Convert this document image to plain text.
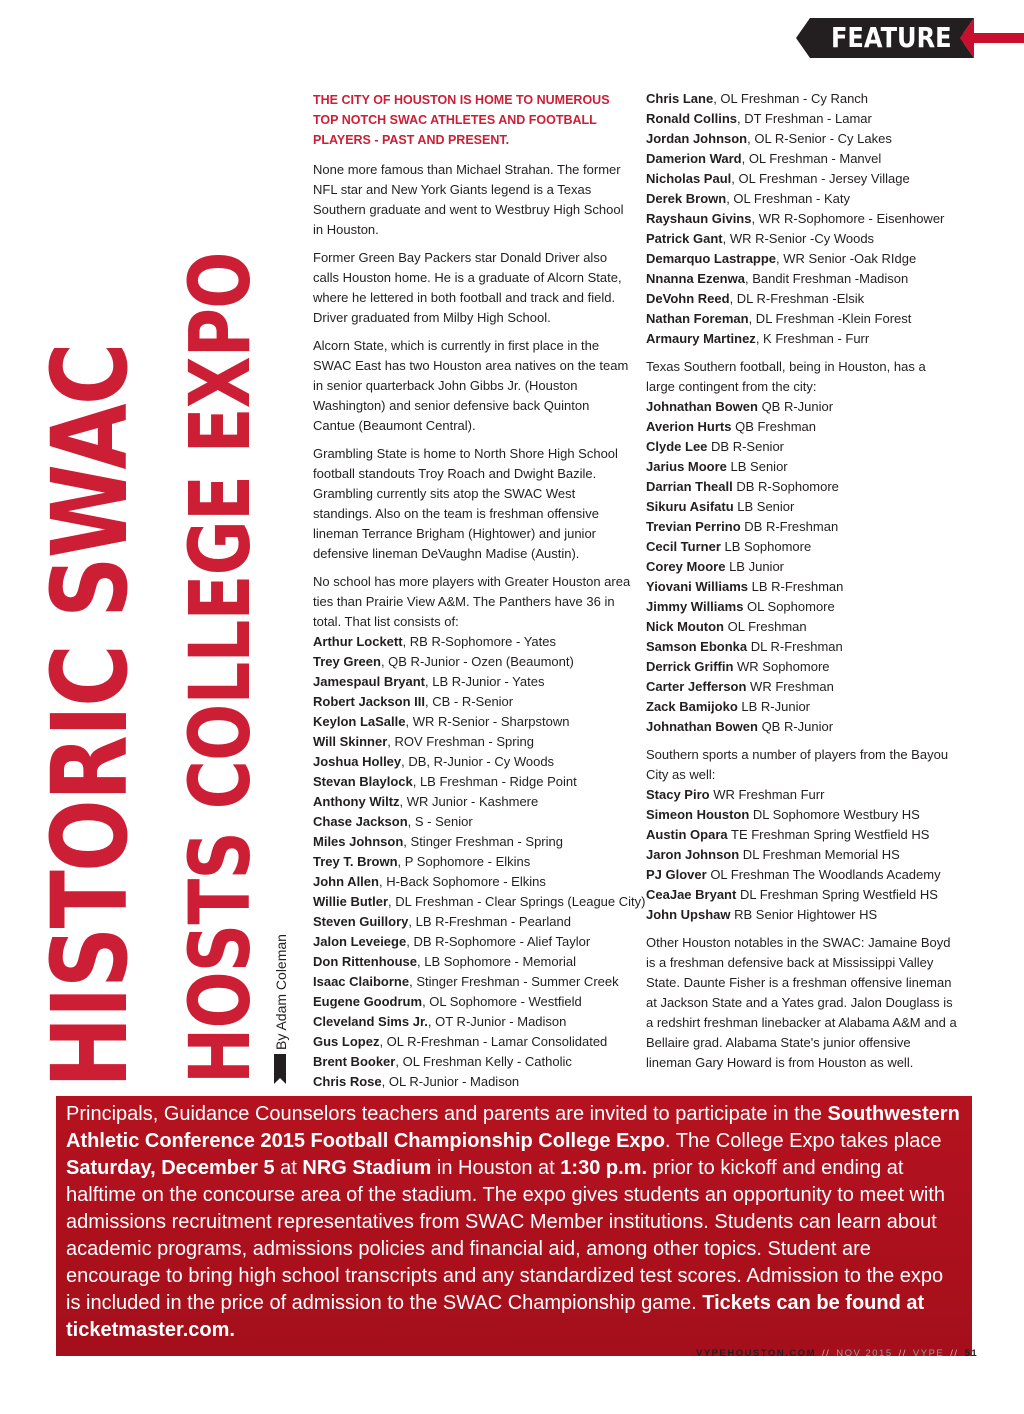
FEATURE
HISTORIC SWAC HOSTS COLLEGE EXPO By Adam Coleman

THE CITY OF HOUSTON IS HOME TO NUMEROUS TOP NOTCH SWAC ATHLETES AND FOOTBALL PLAYERS - PAST AND PRESENT.

None more famous than Michael Strahan. The former NFL star and New York Giants legend is a Texas Southern graduate and went to Westbruy High School in Houston.

Former Green Bay Packers star Donald Driver also calls Houston home. He is a graduate of Alcorn State, where he lettered in both football and track and field. Driver graduated from Milby High School.

Alcorn State, which is currently in first place in the SWAC East has two Houston area natives on the team in senior quarterback John Gibbs Jr. (Houston Washington) and senior defensive back Quinton Cantue (Beaumont Central).

Grambling State is home to North Shore High School football standouts Troy Roach and Dwight Bazile. Grambling currently sits atop the SWAC West standings. Also on the team is freshman offensive lineman Terrance Brigham (Hightower) and junior defensive lineman DeVaughn Madise (Austin).

No school has more players with Greater Houston area ties than Prairie View A&M. The Panthers have 36 in total. That list consists of:

Arthur Lockett, RB R-Sophomore - Yates
Trey Green, QB R-Junior - Ozen (Beaumont)
Jamespaul Bryant, LB R-Junior - Yates
Robert Jackson III, CB - R-Senior
Keylon LaSalle, WR R-Senior - Sharpstown
Will Skinner, ROV Freshman - Spring
Joshua Holley, DB, R-Junior - Cy Woods
Stevan Blaylock, LB Freshman - Ridge Point
Anthony Wiltz, WR Junior - Kashmere
Chase Jackson, S - Senior
Miles Johnson, Stinger Freshman - Spring
Trey T. Brown, P Sophomore - Elkins
John Allen, H-Back Sophomore - Elkins
Willie Butler, DL Freshman - Clear Springs (League City)
Steven Guillory, LB R-Freshman - Pearland
Jalon Leveiege, DB R-Sophomore - Alief Taylor
Don Rittenhouse, LB Sophomore - Memorial
Isaac Claiborne, Stinger Freshman - Summer Creek
Eugene Goodrum, OL Sophomore - Westfield
Cleveland Sims Jr., OT R-Junior - Madison
Gus Lopez, OL R-Freshman - Lamar Consolidated
Brent Booker, OL Freshman Kelly - Catholic
Chris Rose, OL R-Junior - Madison
Chris Lane, OL Freshman - Cy Ranch
Ronald Collins, DT Freshman - Lamar
Jordan Johnson, OL R-Senior - Cy Lakes
Damerion Ward, OL Freshman - Manvel
Nicholas Paul, OL Freshman - Jersey Village
Derek Brown, OL Freshman - Katy
Rayshaun Givins, WR R-Sophomore - Eisenhower
Patrick Gant, WR R-Senior -Cy Woods
Demarquo Lastrappe, WR Senior -Oak RIdge
Nnanna Ezenwa, Bandit Freshman -Madison
DeVohn Reed, DL R-Freshman -Elsik
Nathan Foreman, DL Freshman -Klein Forest
Armaury Martinez, K Freshman - Furr

Texas Southern football, being in Houston, has a large contingent from the city:

Johnathan Bowen QB R-Junior
Averion Hurts QB Freshman
Clyde Lee DB R-Senior
Jarius Moore LB Senior
Darrian Theall DB R-Sophomore
Sikuru Asifatu LB Senior
Trevian Perrino DB R-Freshman
Cecil Turner LB Sophomore
Corey Moore LB Junior
Yiovani Williams LB R-Freshman
Jimmy Williams OL Sophomore
Nick Mouton OL Freshman
Samson Ebonka DL R-Freshman
Derrick Griffin WR Sophomore
Carter Jefferson WR Freshman
Zack Bamijoko LB R-Junior
Johnathan Bowen QB R-Junior

Southern sports a number of players from the Bayou City as well:

Stacy Piro WR Freshman Furr
Simeon Houston DL Sophomore Westbury HS
Austin Opara TE Freshman Spring Westfield HS
Jaron Johnson DL Freshman Memorial HS
PJ Glover OL Freshman The Woodlands Academy
CeaJae Bryant DL Freshman Spring Westfield HS
John Upshaw RB Senior Hightower HS

Other Houston notables in the SWAC: Jamaine Boyd is a freshman defensive back at Mississippi Valley State. Daunte Fisher is a freshman offensive lineman at Jackson State and a Yates grad. Jalon Douglass is a redshirt freshman linebacker at Alabama A&M and a Bellaire grad. Alabama State's junior offensive lineman Gary Howard is from Houston as well.

Principals, Guidance Counselors teachers and parents are invited to participate in the Southwestern Athletic Conference 2015 Football Championship College Expo. The College Expo takes place Saturday, December 5 at NRG Stadium in Houston at 1:30 p.m. prior to kickoff and ending at halftime on the concourse area of the stadium. The expo gives students an opportunity to meet with admissions recruitment representatives from SWAC Member institutions. Students can learn about academic programs, admissions policies and financial aid, among other topics. Student are encourage to bring high school transcripts and any standardized test scores. Admission to the expo is included in the price of admission to the SWAC Championship game. Tickets can be found at ticketmaster.com.
VYPEHOUSTON.COM // NOV 2015 // VYPE // 51
